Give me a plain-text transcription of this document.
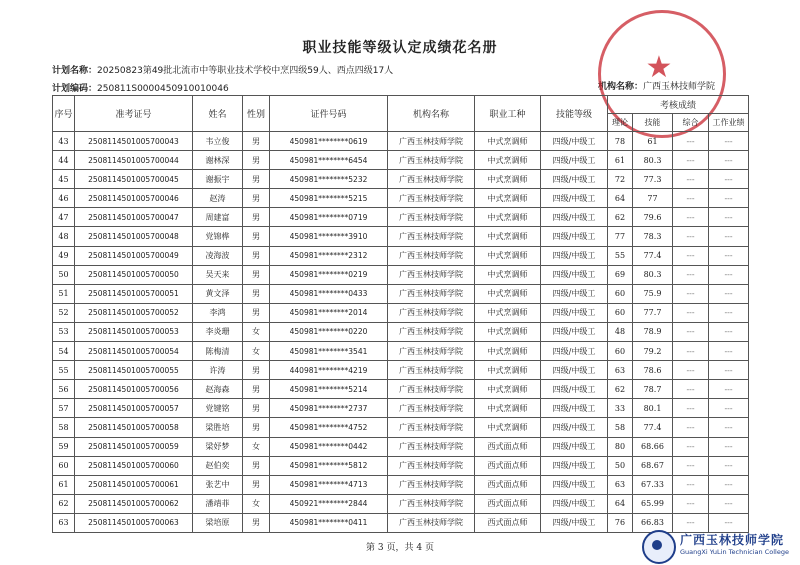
职业技能等级认定成绩花名册
计划名称：20250823第49批北流市中等职业技术学校中烹四级59人、西点四级17人
计划编码：250811S0000450910010046	机构名称：广西玉林技师学院
★
序号	准考证号	姓名	性别	证件号码	机构名称	职业工种	技能等级	考核成绩			
								理论	技能	综合	工作业绩
43	2508114501005700043	韦立俊	男	450981********0619	广西玉林技师学院	中式烹调师	四级/中级工	78	61	---	---
44	2508114501005700044	谢林深	男	450981********6454	广西玉林技师学院	中式烹调师	四级/中级工	61	80.3	---	---
45	2508114501005700045	谢振宇	男	450981********5232	广西玉林技师学院	中式烹调师	四级/中级工	72	77.3	---	---
46	2508114501005700046	赵涛	男	450981********5215	广西玉林技师学院	中式烹调师	四级/中级工	64	77	---	---
47	2508114501005700047	周建富	男	450981********0719	广西玉林技师学院	中式烹调师	四级/中级工	62	79.6	---	---
48	2508114501005700048	党锦桦	男	450981********3910	广西玉林技师学院	中式烹调师	四级/中级工	77	78.3	---	---
49	2508114501005700049	凌海波	男	450981********2312	广西玉林技师学院	中式烹调师	四级/中级工	55	77.4	---	---
50	2508114501005700050	吴天来	男	450981********0219	广西玉林技师学院	中式烹调师	四级/中级工	69	80.3	---	---
51	2508114501005700051	黄文泽	男	450981********0433	广西玉林技师学院	中式烹调师	四级/中级工	60	75.9	---	---
52	2508114501005700052	李鸿	男	450981********2014	广西玉林技师学院	中式烹调师	四级/中级工	60	77.7	---	---
53	2508114501005700053	李炎珊	女	450981********0220	广西玉林技师学院	中式烹调师	四级/中级工	48	78.9	---	---
54	2508114501005700054	陈梅清	女	450981********3541	广西玉林技师学院	中式烹调师	四级/中级工	60	79.2	---	---
55	2508114501005700055	许涛	男	440981********4219	广西玉林技师学院	中式烹调师	四级/中级工	63	78.6	---	---
56	2508114501005700056	赵海森	男	450981********5214	广西玉林技师学院	中式烹调师	四级/中级工	62	78.7	---	---
57	2508114501005700057	党键铭	男	450981********2737	广西玉林技师学院	中式烹调师	四级/中级工	33	80.1	---	---
58	2508114501005700058	梁胜培	男	450981********4752	广西玉林技师学院	中式烹调师	四级/中级工	58	77.4	---	---
59	2508114501005700059	梁妤梦	女	450981********0442	广西玉林技师学院	西式面点师	四级/中级工	80	68.66	---	---
60	2508114501005700060	赵伯奕	男	450981********5812	广西玉林技师学院	西式面点师	四级/中级工	50	68.67	---	---
61	2508114501005700061	张艺中	男	450981********4713	广西玉林技师学院	西式面点师	四级/中级工	63	67.33	---	---
62	2508114501005700062	潘靖菲	女	450921********2844	广西玉林技师学院	西式面点师	四级/中级工	64	65.99	---	---
63	2508114501005700063	梁培原	男	450981********0411	广西玉林技师学院	西式面点师	四级/中级工	76	66.83	---	---
第 3 页，共 4 页
广西玉林技师学院
GuangXi YuLin Technician College
